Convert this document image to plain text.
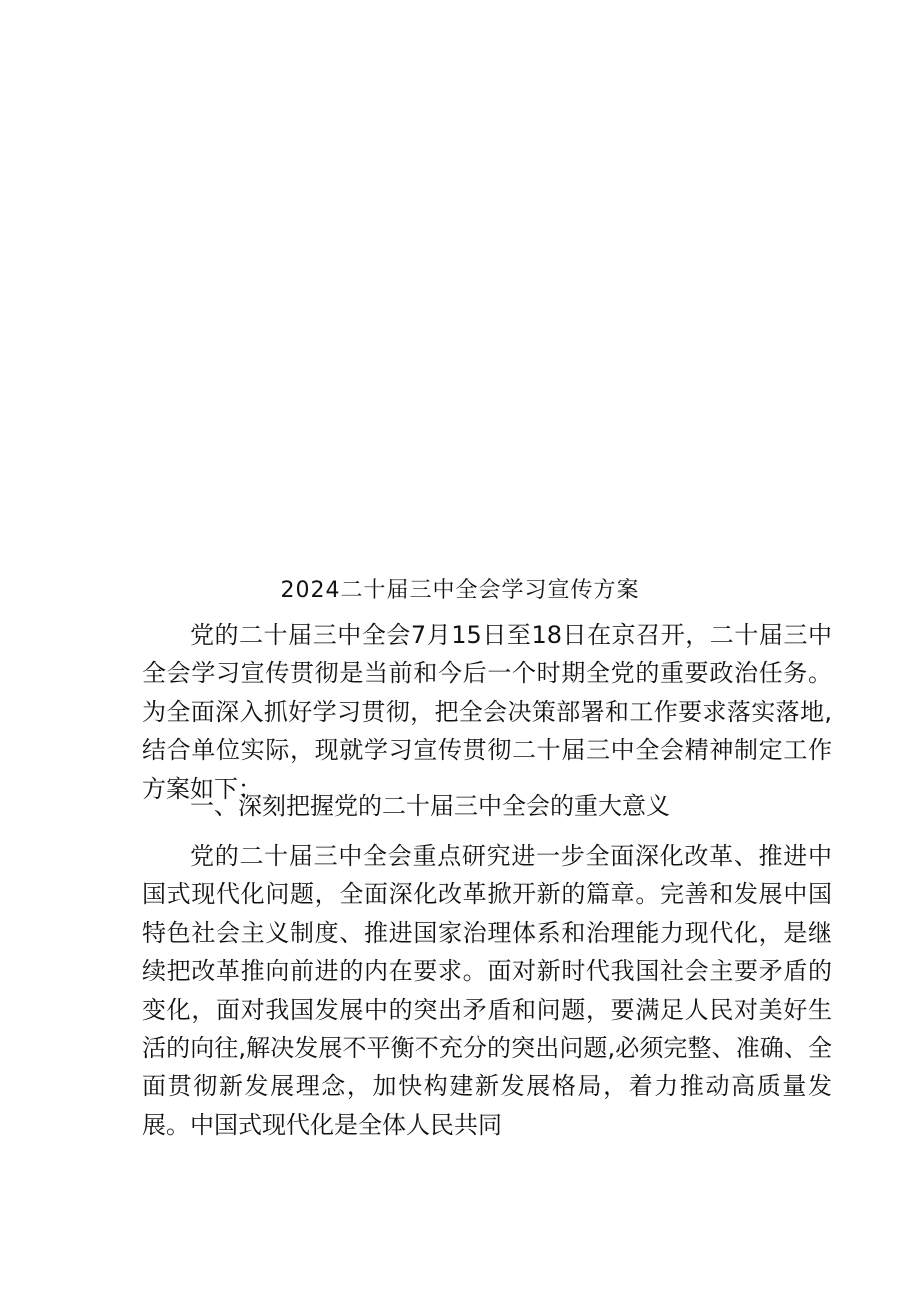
2024二十届三中全会学习宣传方案

党的二十届三中全会7月15日至18日在京召开，二十届三中全会学习宣传贯彻是当前和今后一个时期全党的重要政治任务。为全面深入抓好学习贯彻，把全会决策部署和工作要求落实落地,结合单位实际，现就学习宣传贯彻二十届三中全会精神制定工作方案如下：

一、深刻把握党的二十届三中全会的重大意义

党的二十届三中全会重点研究进一步全面深化改革、推进中国式现代化问题，全面深化改革掀开新的篇章。完善和发展中国特色社会主义制度、推进国家治理体系和治理能力现代化，是继续把改革推向前进的内在要求。面对新时代我国社会主要矛盾的变化，面对我国发展中的突出矛盾和问题，要满足人民对美好生活的向往,解决发展不平衡不充分的突出问题,必须完整、准确、全面贯彻新发展理念，加快构建新发展格局，着力推动高质量发展。中国式现代化是全体人民共同
